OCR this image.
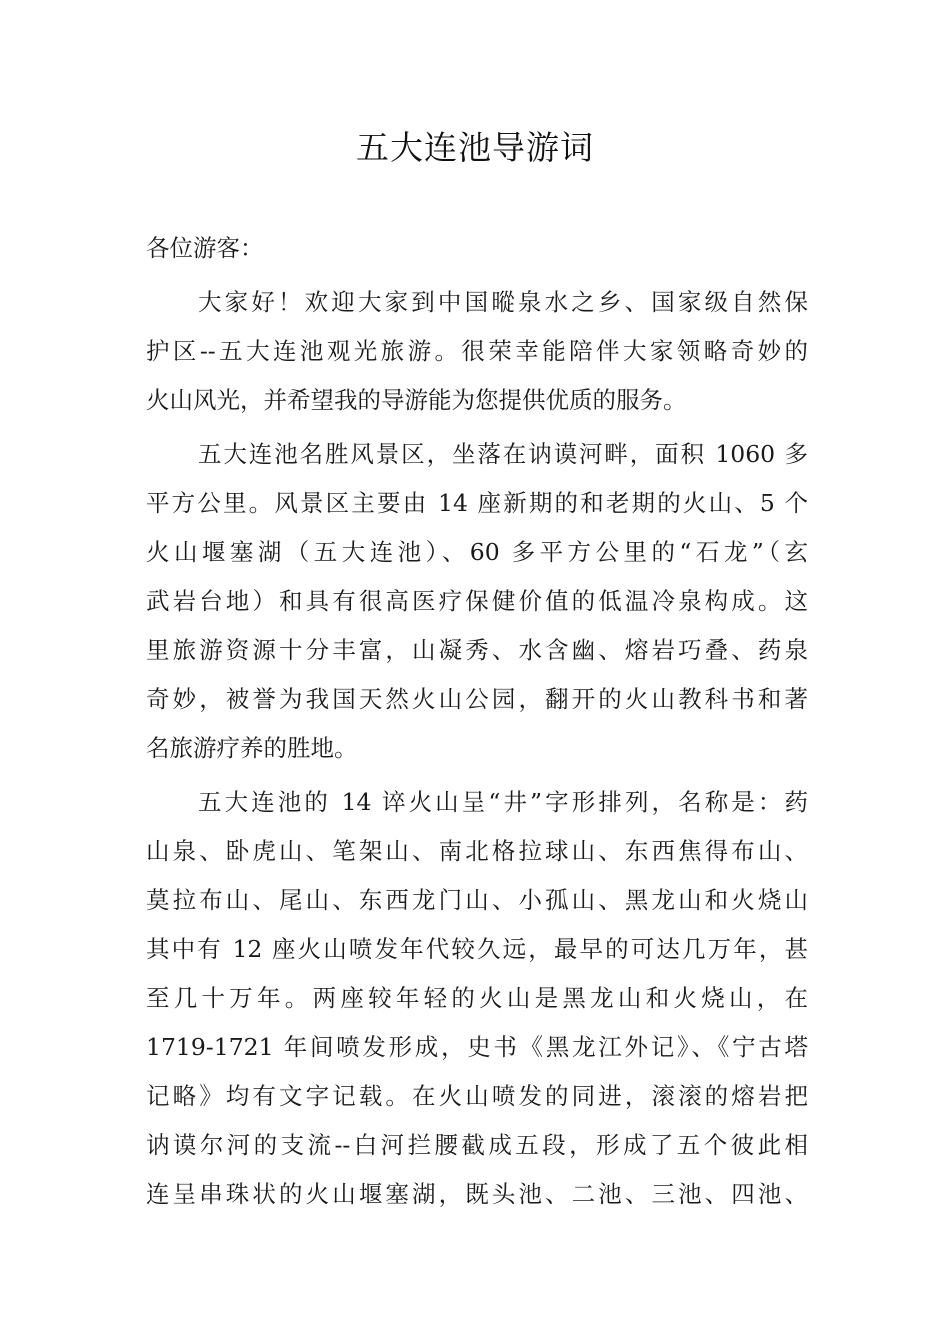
五大连池导游词
各位游客：
大家好！欢迎大家到中国暰泉水之乡、国家级自然保
护区--五大连池观光旅游。很荣幸能陪伴大家领略奇妙的
火山风光，并希望我的导游能为您提供优质的服务。
五大连池名胜风景区，坐落在讷谟河畔，面积 1060 多
平方公里。风景区主要由 14 座新期的和老期的火山、5 个
火山堰塞湖（五大连池）、60 多平方公里的“石龙”（玄
武岩台地）和具有很高医疗保健价值的低温冷泉构成。这
里旅游资源十分丰富，山凝秀、水含幽、熔岩巧叠、药泉
奇妙，被誉为我国天然火山公园，翻开的火山教科书和著
名旅游疗养的胜地。
五大连池的 14 谇火山呈“井”字形排列，名称是：药
山泉、卧虎山、笔架山、南北格拉球山、东西焦得布山、
莫拉布山、尾山、东西龙门山、小孤山、黑龙山和火烧山
其中有 12 座火山喷发年代较久远，最早的可达几万年，甚
至几十万年。两座较年轻的火山是黑龙山和火烧山，在
1719-1721 年间喷发形成，史书《黑龙江外记》、《宁古塔
记略》均有文字记载。在火山喷发的同进，滚滚的熔岩把
讷谟尔河的支流--白河拦腰截成五段，形成了五个彼此相
连呈串珠状的火山堰塞湖，既头池、二池、三池、四池、
